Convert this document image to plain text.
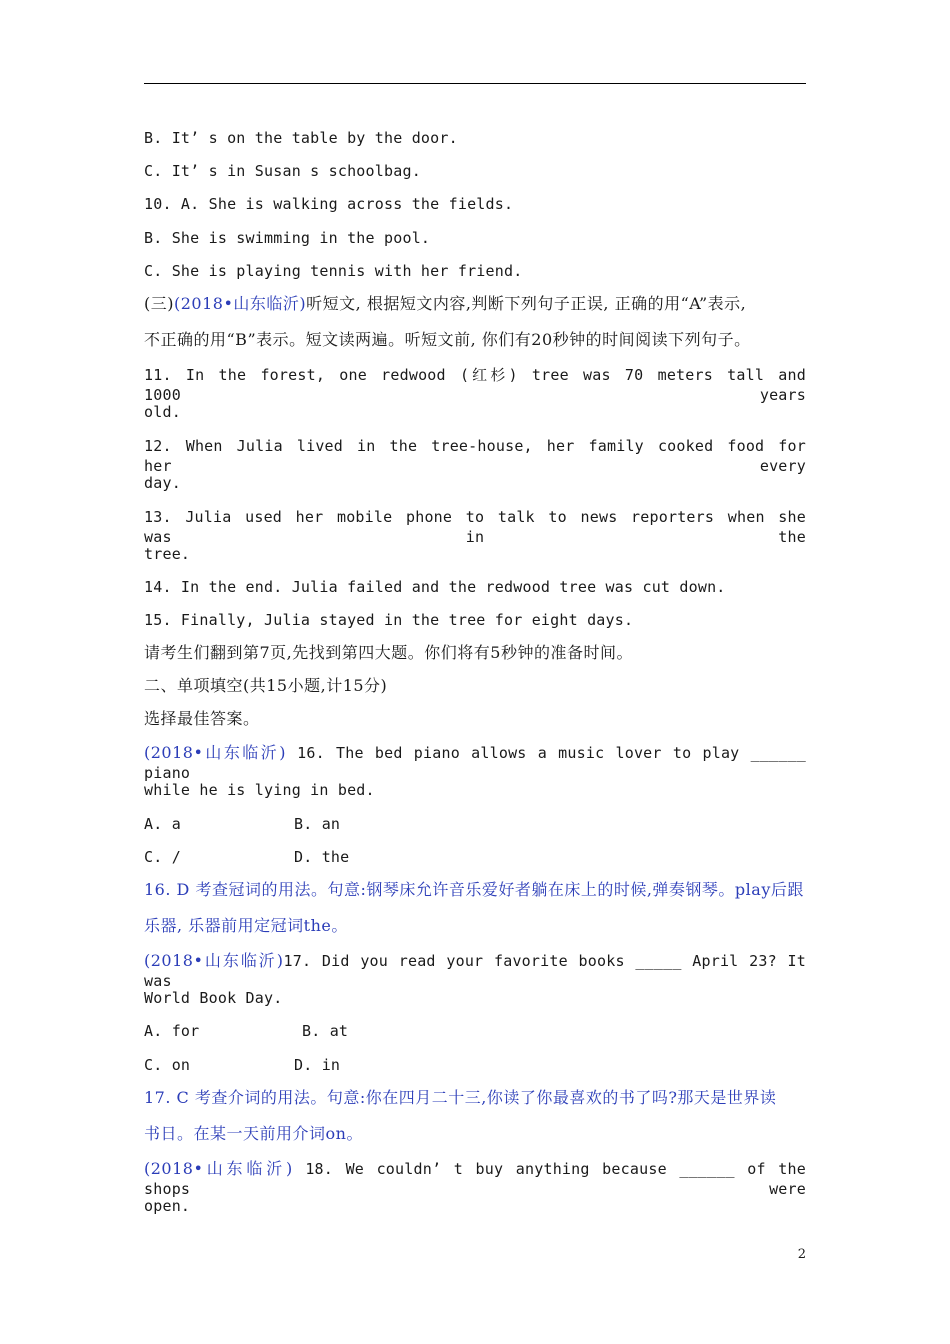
B. It’ s on the table by the door.
C. It’ s in Susan s schoolbag.
10. A. She is walking across the fields.
B. She is swimming in the pool.
C. She is playing tennis with her friend.
(三)(2018•山东临沂)听短文, 根据短文内容,判断下列句子正误, 正确的用“A”表示,
不正确的用“B”表示。短文读两遍。听短文前, 你们有20秒钟的时间阅读下列句子。
11. In the forest, one redwood (红杉) tree was 70 meters tall and 1000 years
old.
12. When Julia lived in the tree-house, her family cooked food for her every
day.
13. Julia used her mobile phone to talk to news reporters when she was in the
tree.
14. In the end. Julia failed and the redwood tree was cut down.
15. Finally, Julia stayed in the tree for eight days.
请考生们翻到第7页,先找到第四大题。你们将有5秒钟的准备时间。
二、单项填空(共15小题,计15分)
选择最佳答案。
(2018•山东临沂) 16. The bed piano allows a music lover to play ______ piano
while he is lying in bed.
A. a	B. an
C. /	D. the
16. D 考查冠词的用法。句意:钢琴床允许音乐爱好者躺在床上的时候,弹奏钢琴。play后跟
乐器, 乐器前用定冠词the。
(2018•山东临沂)17. Did you read your favorite books _____ April 23? It was
World Book Day.
A. for	B. at
C. on	D. in
17. C 考查介词的用法。句意:你在四月二十三,你读了你最喜欢的书了吗?那天是世界读
书日。在某一天前用介词on。
(2018•山东临沂) 18. We couldn’ t buy anything because ______ of the shops were
open.
2
